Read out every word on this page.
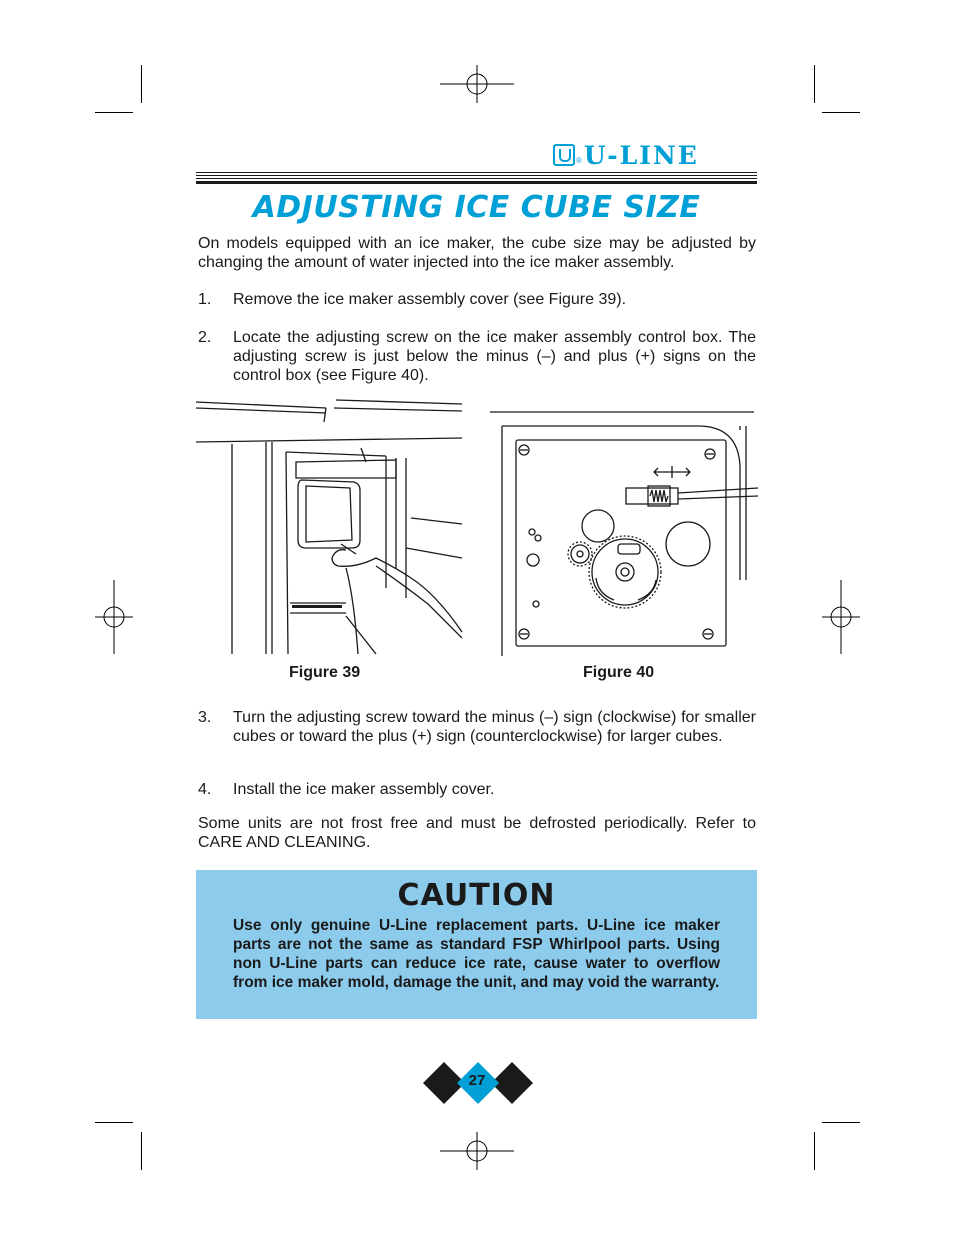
® U-LINE
ADJUSTING ICE CUBE SIZE

On models equipped with an ice maker, the cube size may be adjusted by changing the amount of water injected into the ice maker assembly.

1.	Remove the ice maker assembly cover (see Figure 39).
2.	Locate the adjusting screw on the ice maker assembly control box. The adjusting screw is just below the minus (–) and plus (+) signs on the control box (see Figure 40).
Figure 39	Figure 40
3.	Turn the adjusting screw toward the minus (–) sign (clockwise) for smaller cubes or toward the plus (+) sign (counterclockwise) for larger cubes.
4.	Install the ice maker assembly cover.

Some units are not frost free and must be defrosted periodically. Refer to CARE AND CLEANING.

CAUTION

Use only genuine U-Line replacement parts. U-Line ice maker parts are not the same as standard FSP Whirlpool parts. Using non U-Line parts can reduce ice rate, cause water to overflow from ice maker mold, damage the unit, and may void the warranty.

27
